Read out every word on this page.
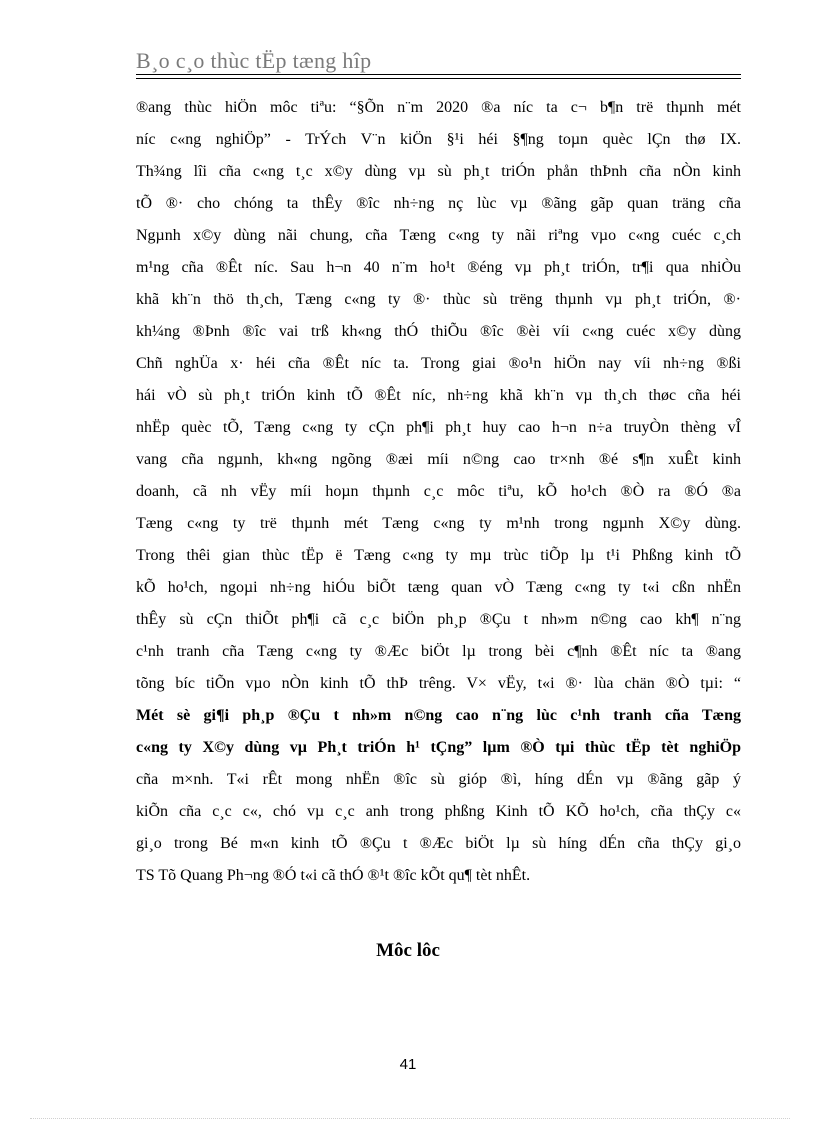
B¸o c¸o thùc tËp tæng hîp
®ang thùc hiÖn môc tiªu: “§Õn n¨m 2020 ®a níc ta c¬ b¶n trë thµnh mét
níc c«ng nghiÖp” - TrÝch V¨n kiÖn §¹i héi §¶ng toµn quèc lÇn thø IX.
Th¾ng lîi cña c«ng t¸c x©y dùng vµ sù ph¸t triÓn phån thÞnh cña nÒn kinh
tÕ ®· cho chóng ta thÊy ®îc nh÷ng nç lùc vµ ®ãng gãp quan träng cña
Ngµnh x©y dùng nãi chung, cña Tæng c«ng ty nãi riªng vµo c«ng cuéc c¸ch
m¹ng cña ®Êt níc. Sau h¬n 40 n¨m ho¹t ®éng vµ ph¸t triÓn, tr¶i qua nhiÒu
khã kh¨n thö th¸ch, Tæng c«ng ty ®· thùc sù trëng thµnh vµ ph¸t triÓn, ®·
kh¼ng ®Þnh ®îc vai trß kh«ng thÓ thiÕu ®îc ®èi víi c«ng cuéc x©y dùng
Chñ nghÜa x· héi cña ®Êt níc ta. Trong giai ®o¹n hiÖn nay víi nh÷ng ®ßi
hái vÒ sù ph¸t triÓn kinh tÕ ®Êt níc, nh÷ng khã kh¨n vµ th¸ch thøc cña héi
nhËp quèc tÕ, Tæng c«ng ty cÇn ph¶i ph¸t huy cao h¬n n÷a truyÒn thèng vÎ
vang cña ngµnh, kh«ng ngõng ®æi míi n©ng cao tr×nh ®é s¶n xuÊt kinh
doanh, cã nh vËy míi hoµn thµnh c¸c môc tiªu, kÕ ho¹ch ®Ò ra ®Ó ®a
Tæng c«ng ty trë thµnh mét Tæng c«ng ty m¹nh trong ngµnh X©y dùng.
Trong thêi gian thùc tËp ë Tæng c«ng ty mµ trùc tiÕp lµ t¹i Phßng kinh tÕ
kÕ ho¹ch, ngoµi nh÷ng hiÓu biÕt tæng quan vÒ Tæng c«ng ty t«i cßn nhËn
thÊy sù cÇn thiÕt ph¶i cã c¸c biÖn ph¸p ®Çu t nh»m n©ng cao kh¶ n¨ng
c¹nh tranh cña Tæng c«ng ty ®Æc biÖt lµ trong bèi c¶nh ®Êt níc ta ®ang
tõng bíc tiÕn vµo nÒn kinh tÕ thÞ trêng. V× vËy, t«i ®· lùa chän ®Ò tµi: “
Mét sè gi¶i ph¸p ®Çu t nh»m n©ng cao n¨ng lùc c¹nh tranh cña Tæng
c«ng ty X©y dùng vµ Ph¸t triÓn h¹ tÇng” lµm ®Ò tµi thùc tËp tèt nghiÖp
cña m×nh. T«i rÊt mong nhËn ®îc sù gióp ®ì, híng dÉn vµ ®ãng gãp ý
kiÕn cña c¸c c«, chó vµ c¸c anh trong phßng Kinh tÕ KÕ ho¹ch, cña thÇy c«
gi¸o trong Bé m«n kinh tÕ ®Çu t ®Æc biÖt lµ sù híng dÉn cña thÇy gi¸o
TS Tõ Quang Ph¬ng ®Ó t«i cã thÓ ®¹t ®îc kÕt qu¶ tèt nhÊt.
Môc lôc
41
